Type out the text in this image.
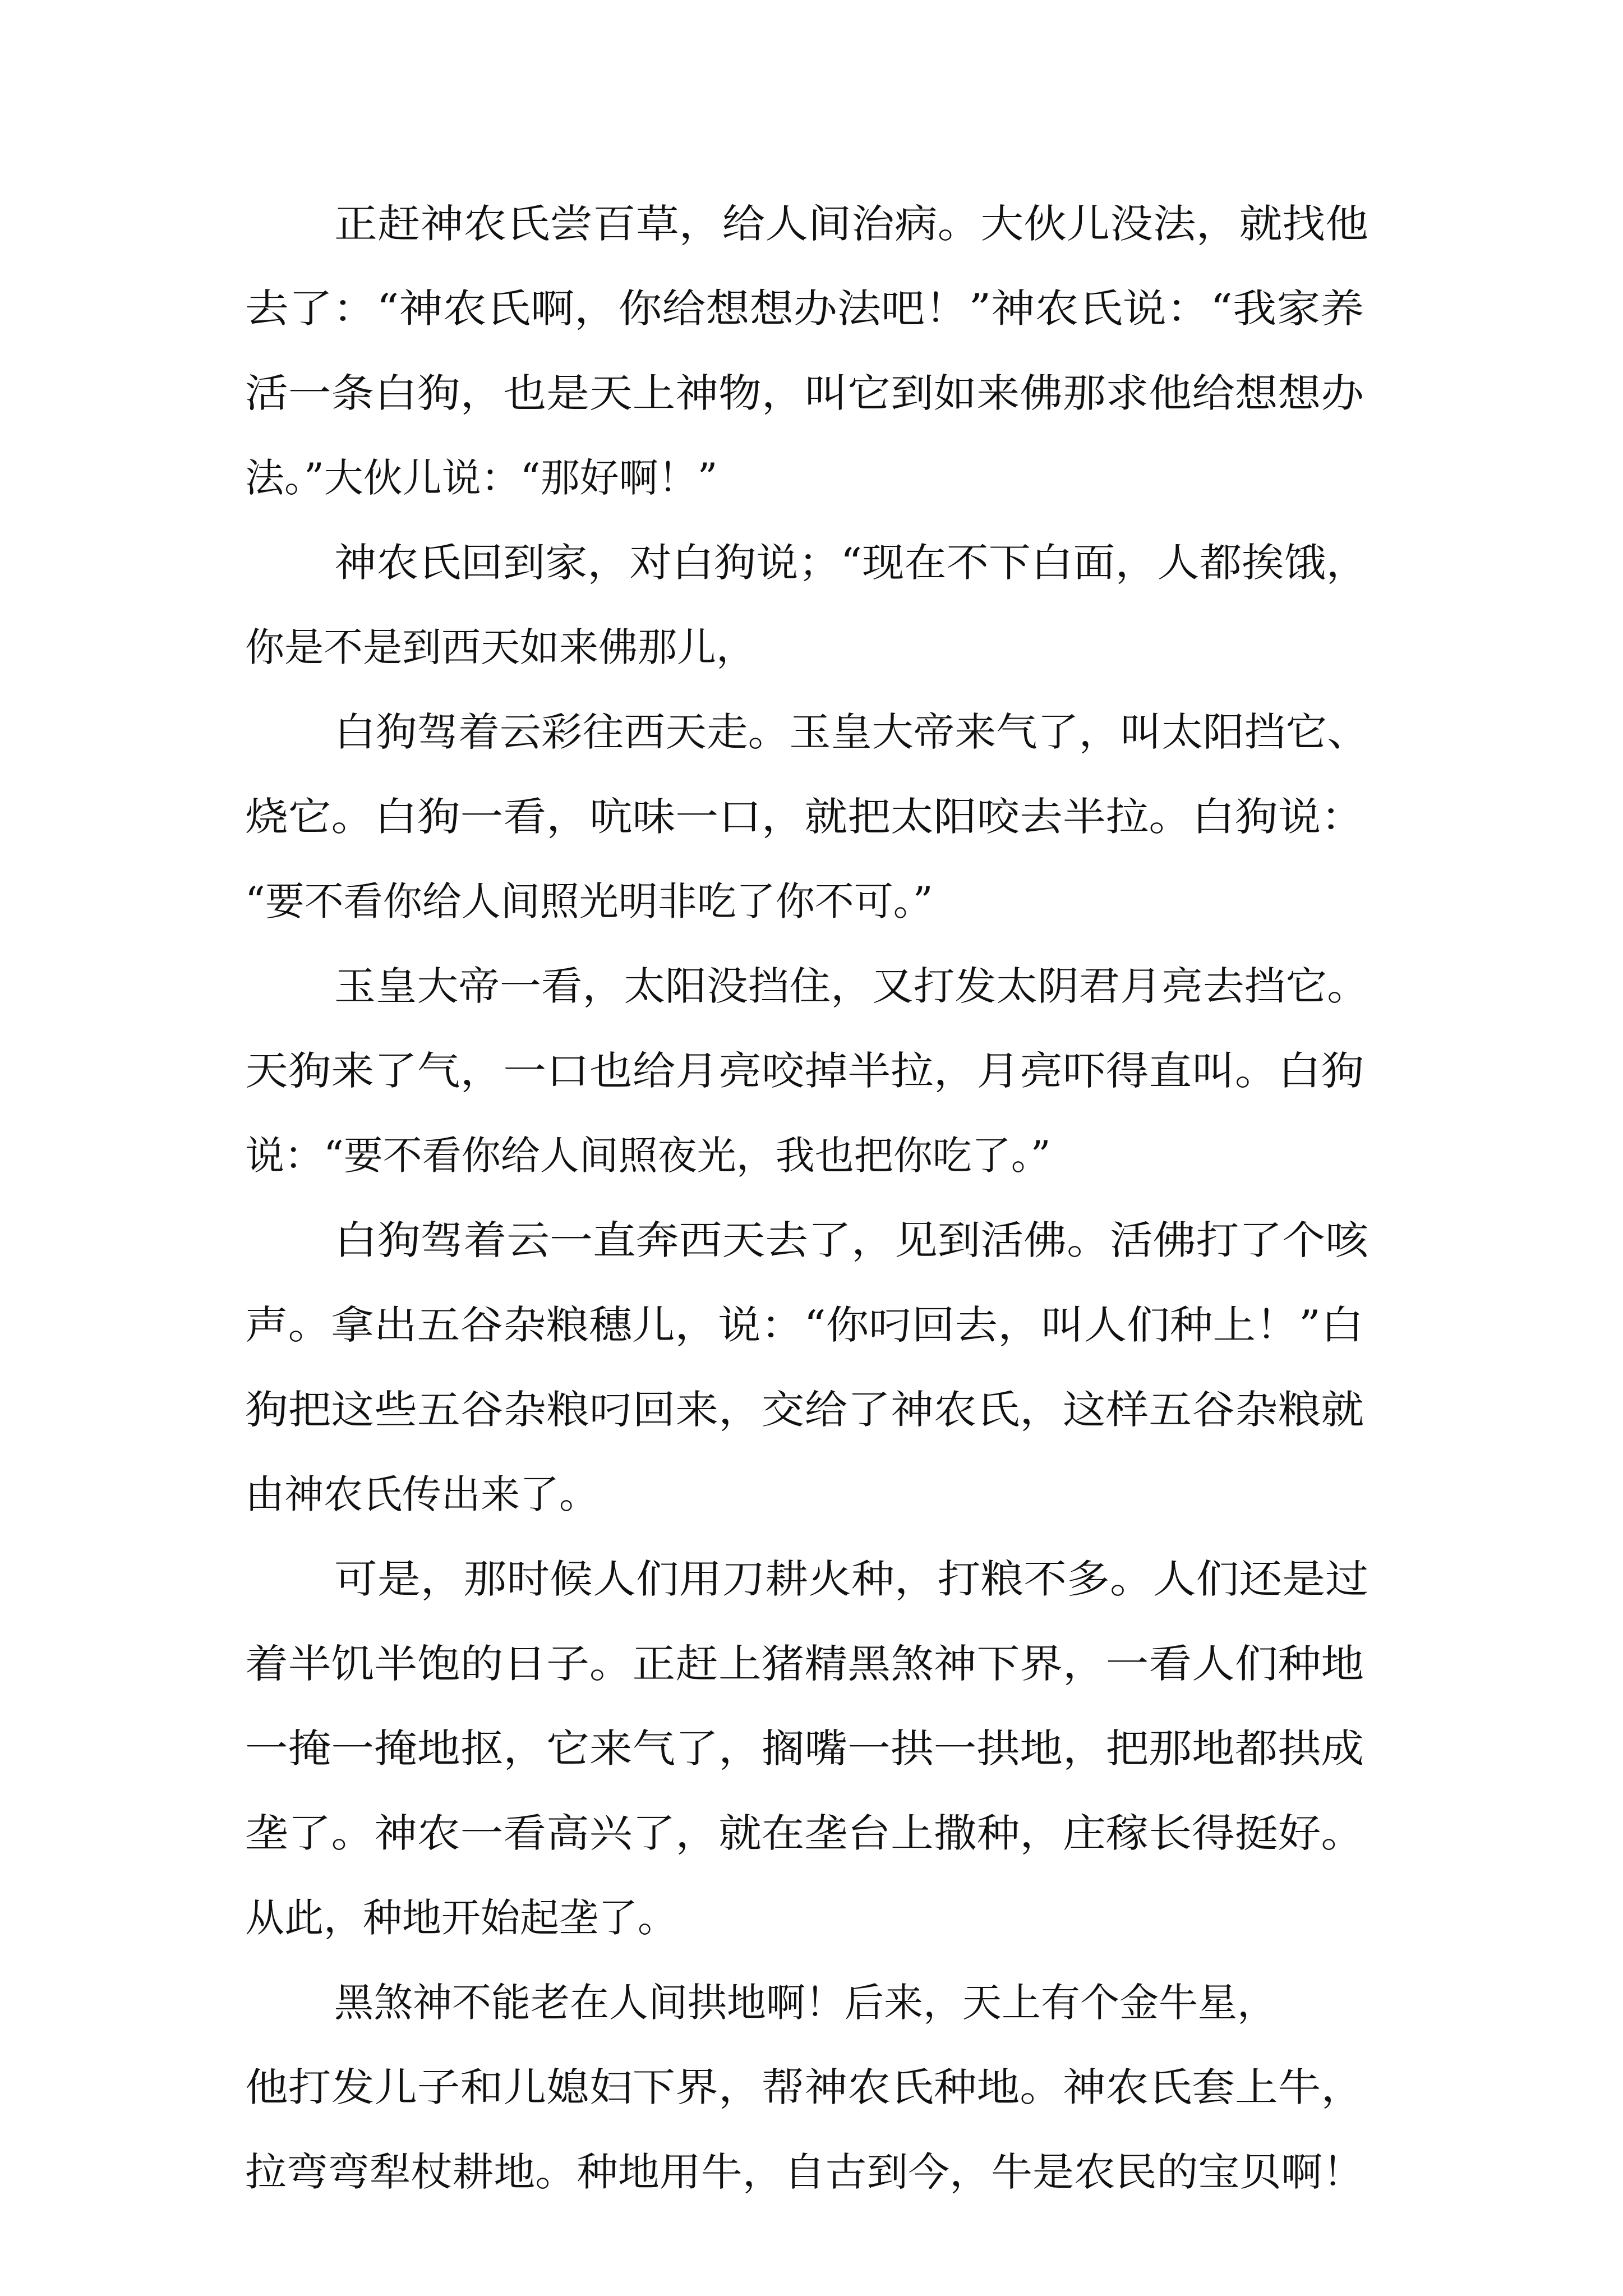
正赶神农氏尝百草，给人间治病。大伙儿没法，就找他
去了：“神农氏啊，你给想想办法吧！”神农氏说：“我家养
活一条白狗，也是天上神物，叫它到如来佛那求他给想想办
法。”大伙儿说：“那好啊！”
神农氏回到家，对白狗说；“现在不下白面，人都挨饿，
你是不是到西天如来佛那儿，
白狗驾着云彩往西天走。玉皇大帝来气了，叫太阳挡它、
烧它。白狗一看，吭味一口，就把太阳咬去半拉。白狗说：
“要不看你给人间照光明非吃了你不可。”
玉皇大帝一看，太阳没挡住，又打发太阴君月亮去挡它。
天狗来了气，一口也给月亮咬掉半拉，月亮吓得直叫。白狗
说：“要不看你给人间照夜光，我也把你吃了。”
白狗驾着云一直奔西天去了，见到活佛。活佛打了个咳
声。拿出五谷杂粮穗儿，说：“你叼回去，叫人们种上！”白
狗把这些五谷杂粮叼回来，交给了神农氏，这样五谷杂粮就
由神农氏传出来了。
可是，那时候人们用刀耕火种，打粮不多。人们还是过
着半饥半饱的日子。正赶上猪精黑煞神下界，一看人们种地
一掩一掩地抠，它来气了，搁嘴一拱一拱地，把那地都拱成
垄了。神农一看高兴了，就在垄台上撒种，庄稼长得挺好。
从此，种地开始起垄了。
黑煞神不能老在人间拱地啊！后来，天上有个金牛星，
他打发儿子和儿媳妇下界，帮神农氏种地。神农氏套上牛，
拉弯弯犁杖耕地。种地用牛，自古到今，牛是农民的宝贝啊！
